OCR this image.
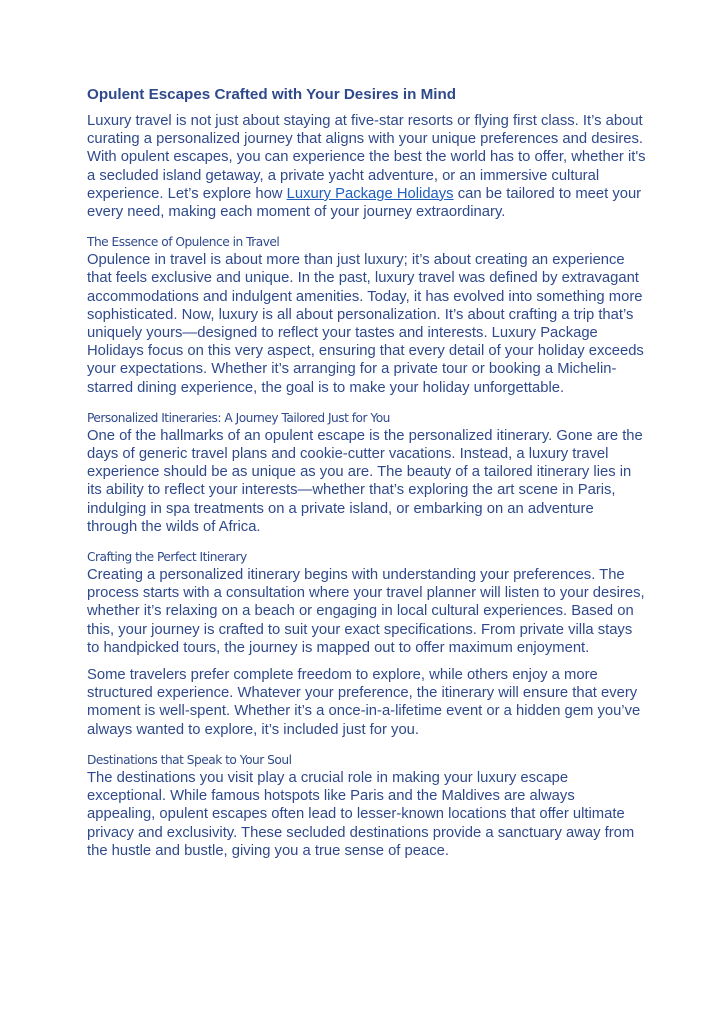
Opulent Escapes Crafted with Your Desires in Mind

Luxury travel is not just about staying at five-star resorts or flying first class. It’s about curating a personalized journey that aligns with your unique preferences and desires. With opulent escapes, you can experience the best the world has to offer, whether it's a secluded island getaway, a private yacht adventure, or an immersive cultural experience. Let’s explore how Luxury Package Holidays can be tailored to meet your every need, making each moment of your journey extraordinary.

The Essence of Opulence in Travel

Opulence in travel is about more than just luxury; it’s about creating an experience that feels exclusive and unique. In the past, luxury travel was defined by extravagant accommodations and indulgent amenities. Today, it has evolved into something more sophisticated. Now, luxury is all about personalization. It’s about crafting a trip that’s uniquely yours—designed to reflect your tastes and interests. Luxury Package Holidays focus on this very aspect, ensuring that every detail of your holiday exceeds your expectations. Whether it’s arranging for a private tour or booking a Michelin-starred dining experience, the goal is to make your holiday unforgettable.

Personalized Itineraries: A Journey Tailored Just for You

One of the hallmarks of an opulent escape is the personalized itinerary. Gone are the days of generic travel plans and cookie-cutter vacations. Instead, a luxury travel experience should be as unique as you are. The beauty of a tailored itinerary lies in its ability to reflect your interests—whether that’s exploring the art scene in Paris, indulging in spa treatments on a private island, or embarking on an adventure through the wilds of Africa.

Crafting the Perfect Itinerary

Creating a personalized itinerary begins with understanding your preferences. The process starts with a consultation where your travel planner will listen to your desires, whether it’s relaxing on a beach or engaging in local cultural experiences. Based on this, your journey is crafted to suit your exact specifications. From private villa stays to handpicked tours, the journey is mapped out to offer maximum enjoyment.

Some travelers prefer complete freedom to explore, while others enjoy a more structured experience. Whatever your preference, the itinerary will ensure that every moment is well-spent. Whether it’s a once-in-a-lifetime event or a hidden gem you’ve always wanted to explore, it’s included just for you.

Destinations that Speak to Your Soul

The destinations you visit play a crucial role in making your luxury escape exceptional. While famous hotspots like Paris and the Maldives are always appealing, opulent escapes often lead to lesser-known locations that offer ultimate privacy and exclusivity. These secluded destinations provide a sanctuary away from the hustle and bustle, giving you a true sense of peace.
